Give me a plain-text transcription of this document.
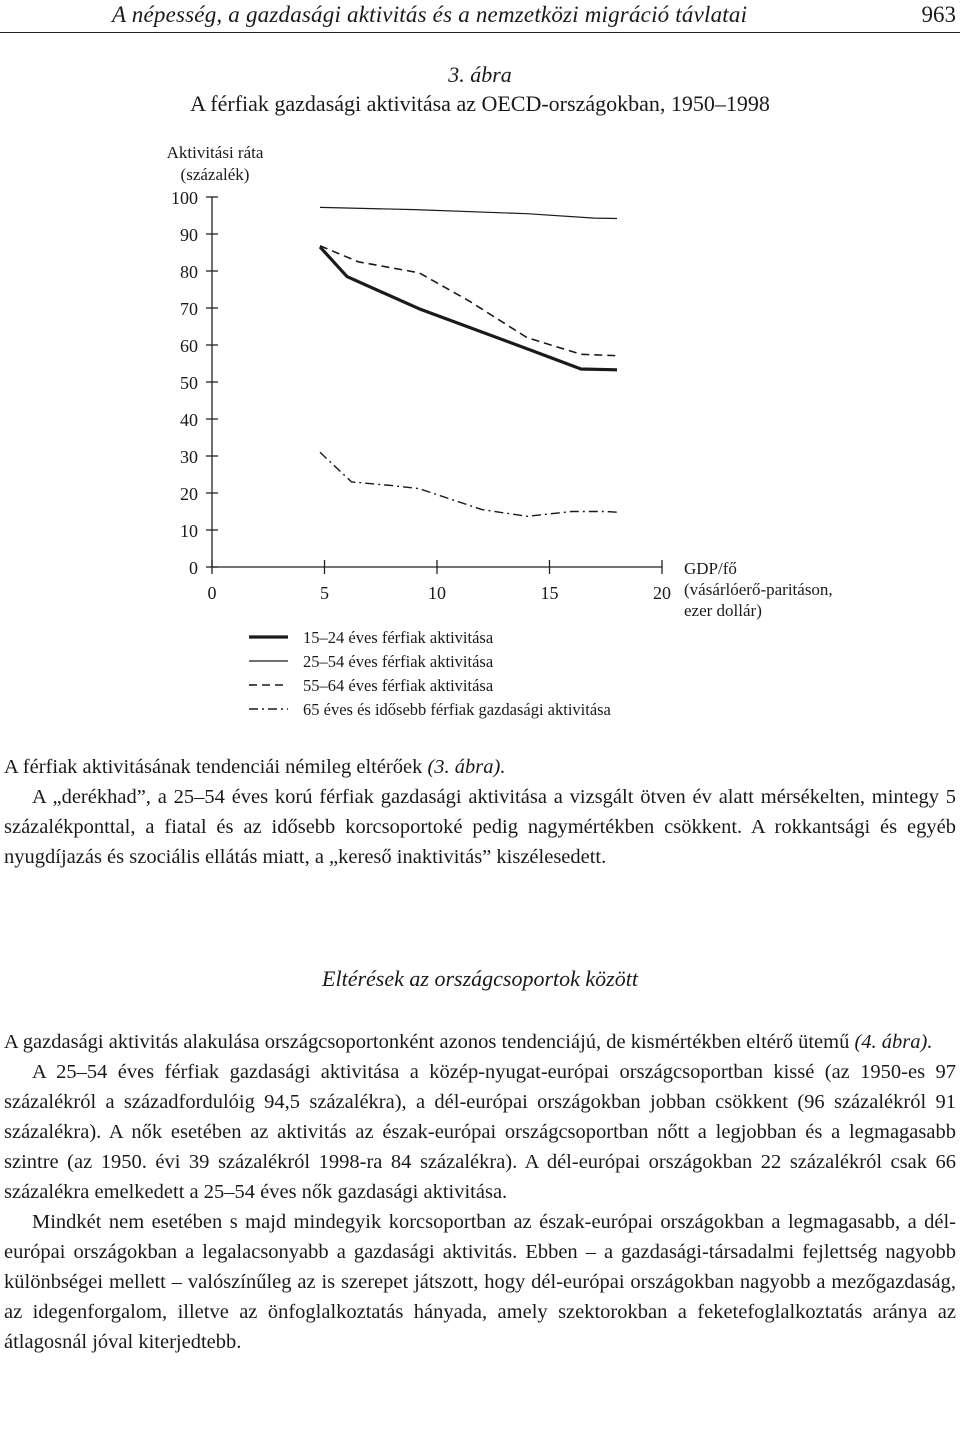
A népesség, a gazdasági aktivitás és a nemzetközi migráció távlatai	963
3. ábra
A férfiak gazdasági aktivitása az OECD-országokban, 1950–1998
Aktivitási ráta
(százalék)
100
90
80
70
60
50
40
30
20
10
0
0	5	10	15	20
GDP/fő
(vásárlóerő-paritáson,
ezer dollár)
15–24 éves férfiak aktivitása
25–54 éves férfiak aktivitása
55–64 éves férfiak aktivitása
65 éves és idősebb férfiak gazdasági aktivitása

A férfiak aktivitásának tendenciái némileg eltérőek (3. ábra).

A „derékhad”, a 25–54 éves korú férfiak gazdasági aktivitása a vizsgált ötven év alatt mérsékelten, mintegy 5 százalékponttal, a fiatal és az idősebb korcsoportoké pedig nagymértékben csökkent. A rokkantsági és egyéb nyugdíjazás és szociális ellátás miatt, a „kereső inaktivitás” kiszélesedett.

Eltérések az országcsoportok között

A gazdasági aktivitás alakulása országcsoportonként azonos tendenciájú, de kismértékben eltérő ütemű (4. ábra).

A 25–54 éves férfiak gazdasági aktivitása a közép-nyugat-európai országcsoportban kissé (az 1950-es 97 százalékról a századfordulóig 94,5 százalékra), a dél-európai országokban jobban csökkent (96 százalékról 91 százalékra). A nők esetében az aktivitás az észak-európai országcsoportban nőtt a legjobban és a legmagasabb szintre (az 1950. évi 39 százalékról 1998-ra 84 százalékra). A dél-európai országokban 22 százalékról csak 66 százalékra emelkedett a 25–54 éves nők gazdasági aktivitása.

Mindkét nem esetében s majd mindegyik korcsoportban az észak-európai országokban a legmagasabb, a dél-európai országokban a legalacsonyabb a gazdasági aktivitás. Ebben – a gazdasági-társadalmi fejlettség nagyobb különbségei mellett – valószínűleg az is szerepet játszott, hogy dél-európai országokban nagyobb a mezőgazdaság, az idegenforgalom, illetve az önfoglalkoztatás hányada, amely szektorokban a feketefoglalkoztatás aránya az átlagosnál jóval kiterjedtebb.
